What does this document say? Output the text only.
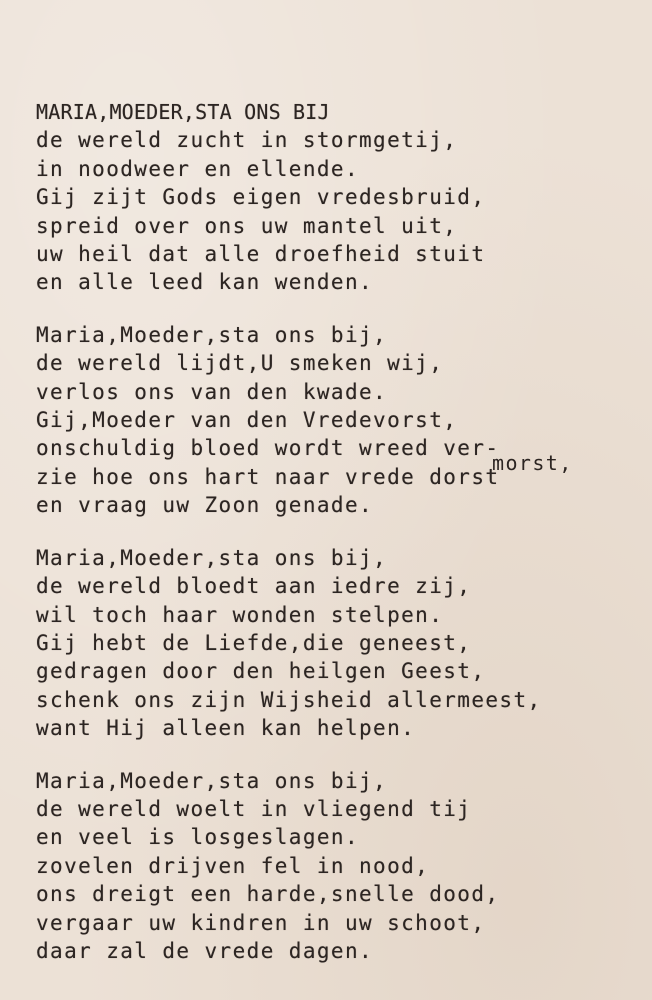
MARIA,MOEDER,STA ONS BIJ
de wereld zucht in stormgetij,
in noodweer en ellende.
Gij zijt Gods eigen vredesbruid,
spreid over ons uw mantel uit,
uw heil dat alle droefheid stuit
en alle leed kan wenden.
Maria,Moeder,sta ons bij,
de wereld lijdt,U smeken wij,
verlos ons van den kwade.
Gij,Moeder van den Vredevorst,
onschuldig bloed wordt wreed ver-
morst,
zie hoe ons hart naar vrede dorst
en vraag uw Zoon genade.
Maria,Moeder,sta ons bij,
de wereld bloedt aan iedre zij,
wil toch haar wonden stelpen.
Gij hebt de Liefde,die geneest,
gedragen door den heilgen Geest,
schenk ons zijn Wijsheid allermeest,
want Hij alleen kan helpen.
Maria,Moeder,sta ons bij,
de wereld woelt in vliegend tij
en veel is losgeslagen.
zovelen drijven fel in nood,
ons dreigt een harde,snelle dood,
vergaar uw kindren in uw schoot,
daar zal de vrede dagen.
